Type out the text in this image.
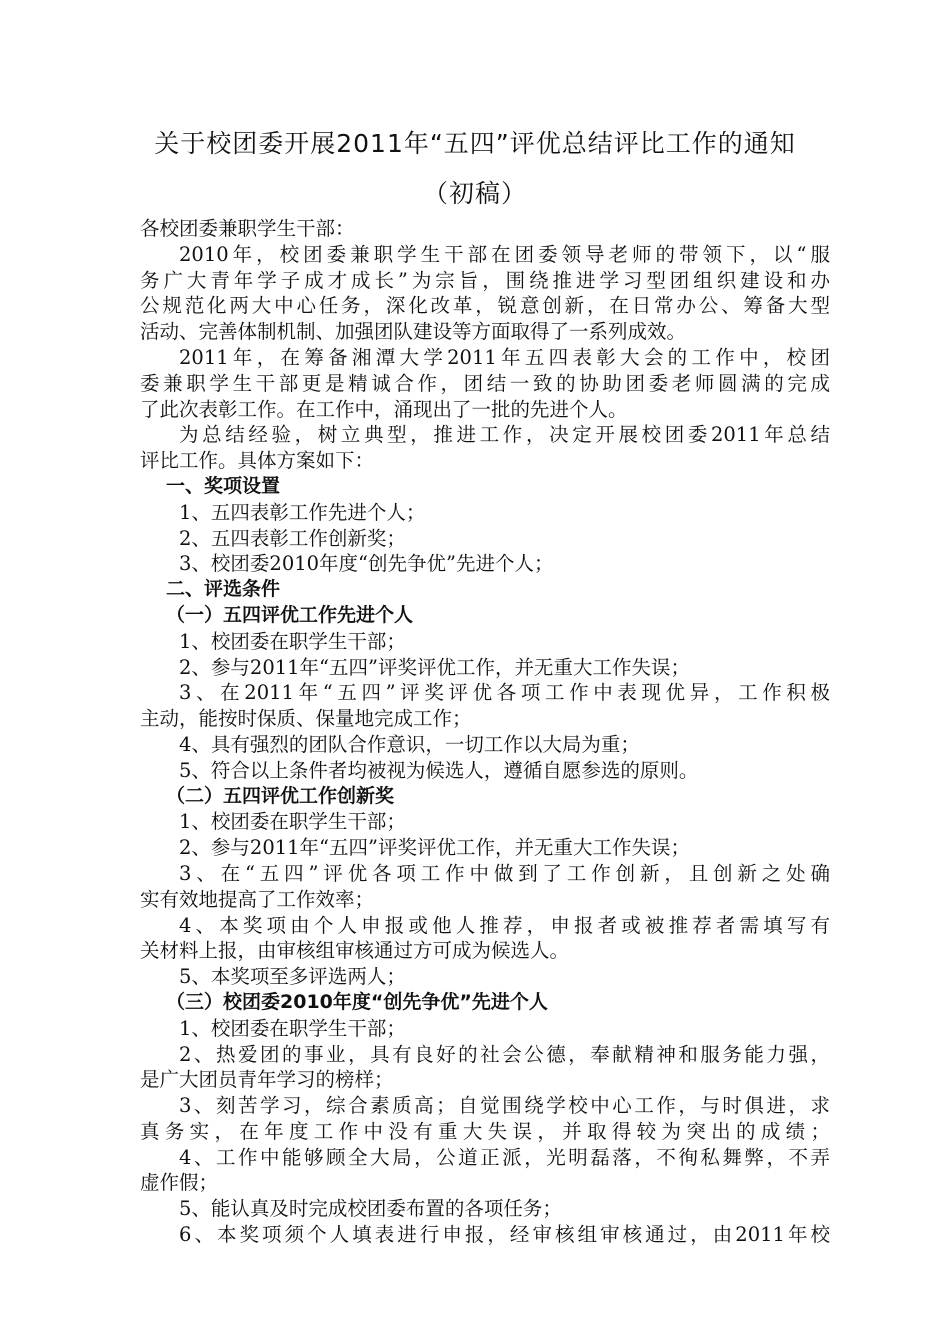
关于校团委开展2011年“五四”评优总结评比工作的通知
（初稿）
各校团委兼职学生干部：
2010年，校团委兼职学生干部在团委领导老师的带领下，以“服
务广大青年学子成才成长”为宗旨，围绕推进学习型团组织建设和办
公规范化两大中心任务，深化改革，锐意创新，在日常办公、筹备大型
活动、完善体制机制、加强团队建设等方面取得了一系列成效。
2011年，在筹备湘潭大学2011年五四表彰大会的工作中，校团
委兼职学生干部更是精诚合作，团结一致的协助团委老师圆满的完成
了此次表彰工作。在工作中，涌现出了一批的先进个人。
为总结经验，树立典型，推进工作，决定开展校团委2011年总结
评比工作。具体方案如下：
一、奖项设置
1、五四表彰工作先进个人；
2、五四表彰工作创新奖；
3、校团委2010年度“创先争优”先进个人；
二、评选条件
（一）五四评优工作先进个人
1、校团委在职学生干部；
2、参与2011年“五四”评奖评优工作，并无重大工作失误；
3、在2011年“五四”评奖评优各项工作中表现优异，工作积极
主动，能按时保质、保量地完成工作；
4、具有强烈的团队合作意识，一切工作以大局为重；
5、符合以上条件者均被视为候选人，遵循自愿参选的原则。
（二）五四评优工作创新奖
1、校团委在职学生干部；
2、参与2011年“五四”评奖评优工作，并无重大工作失误；
3、在“五四”评优各项工作中做到了工作创新，且创新之处确
实有效地提高了工作效率；
4、本奖项由个人申报或他人推荐，申报者或被推荐者需填写有
关材料上报，由审核组审核通过方可成为候选人。
5、本奖项至多评选两人；
（三）校团委2010年度“创先争优”先进个人
1、校团委在职学生干部；
2、热爱团的事业，具有良好的社会公德，奉献精神和服务能力强，
是广大团员青年学习的榜样；
3、刻苦学习，综合素质高；自觉围绕学校中心工作，与时俱进，求
真务实，在年度工作中没有重大失误，并取得较为突出的成绩；
4、工作中能够顾全大局，公道正派，光明磊落，不徇私舞弊，不弄
虚作假；
5、能认真及时完成校团委布置的各项任务；
6、本奖项须个人填表进行申报，经审核组审核通过，由2011年校
